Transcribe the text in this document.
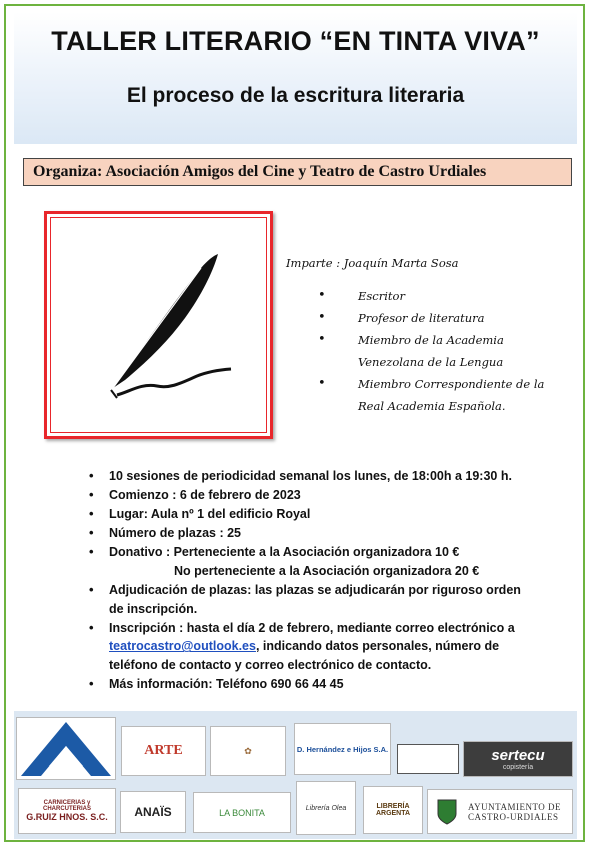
TALLER LITERARIO “EN TINTA VIVA”
El proceso de la escritura literaria
Organiza: Asociación Amigos del Cine y Teatro de Castro Urdiales
Imparte : Joaquín Marta Sosa
• Escritor
• Profesor de literatura
• Miembro de la Academia Venezolana de la Lengua
• Miembro Correspondiente de la Real Academia Española.
• 10 sesiones de periodicidad semanal los lunes, de 18:00h a 19:30 h.
• Comienzo : 6 de febrero de 2023
• Lugar: Aula nº 1 del edificio Royal
• Número de plazas : 25
• Donativo : Perteneciente a la Asociación organizadora 10 €
No perteneciente a la Asociación organizadora 20 €
• Adjudicación de plazas: las plazas se adjudicarán por riguroso orden de inscripción.
• Inscripción : hasta el día 2 de febrero, mediante correo electrónico a teatrocastro@outlook.es, indicando datos personales, número de teléfono de contacto y correo electrónico de contacto.
• Más información: Teléfono 690 66 44 45
ARTE	✿	D. Hernández e Hijos S.A.	sertecu
copistería
CARNICERIAS y CHARCUTERIAS
G.RUIZ HNOS. S.C. ANAÏS	LA BONITA	Librería Olea	LIBRERÍA ARGENTA
AYUNTAMIENTO DE
CASTRO-URDIALES
